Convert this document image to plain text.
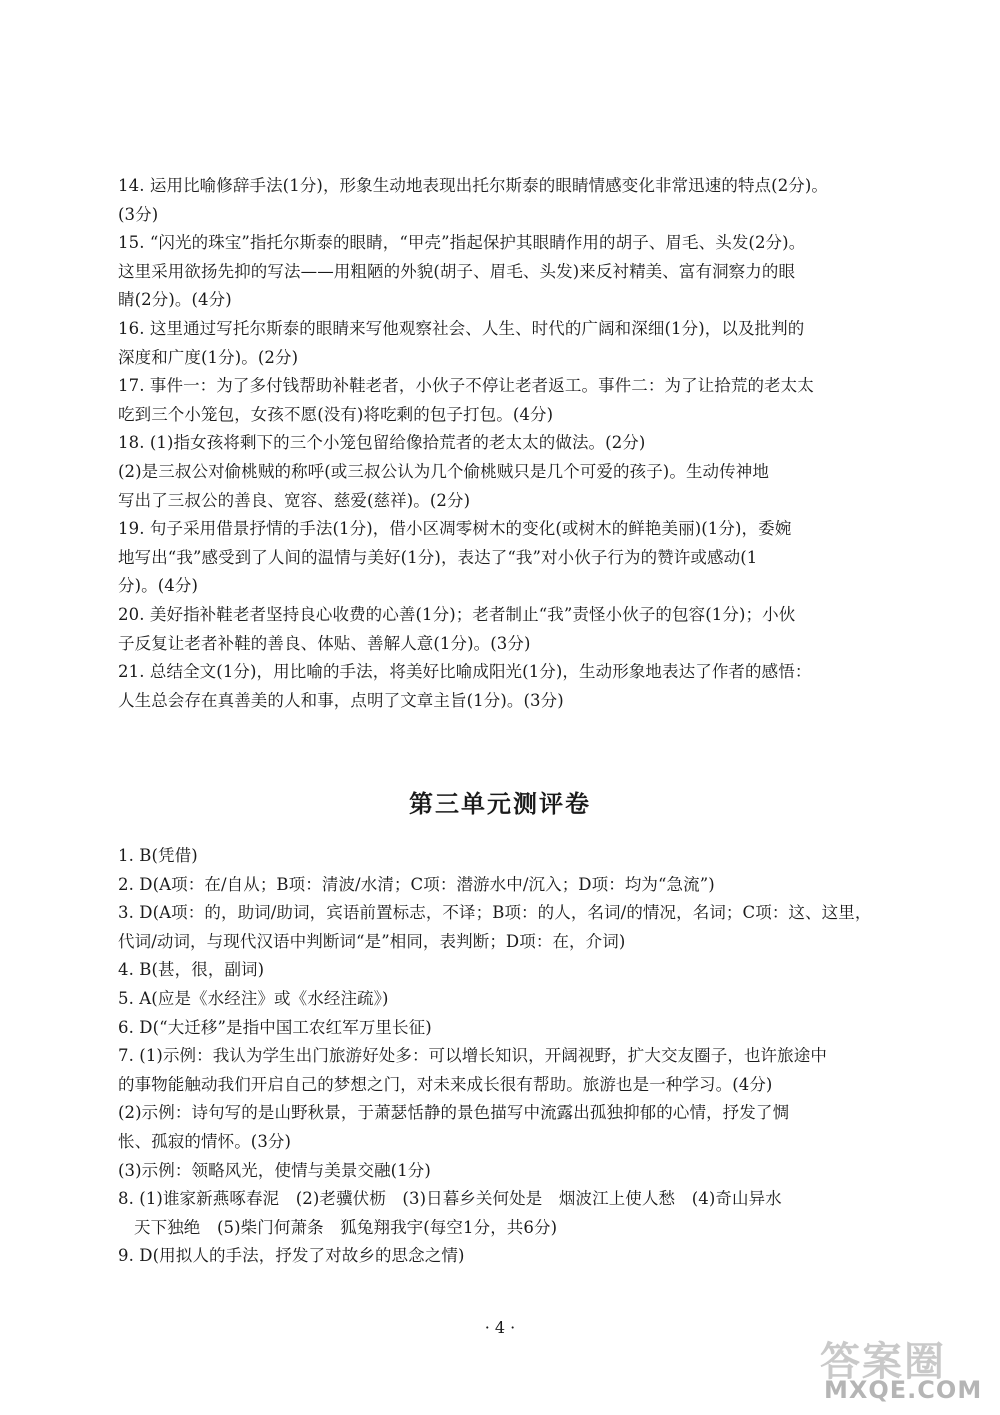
14. 运用比喻修辞手法(1分)，形象生动地表现出托尔斯泰的眼睛情感变化非常迅速的特点(2分)。
(3分)
15. “闪光的珠宝”指托尔斯泰的眼睛，“甲壳”指起保护其眼睛作用的胡子、眉毛、头发(2分)。
这里采用欲扬先抑的写法——用粗陋的外貌(胡子、眉毛、头发)来反衬精美、富有洞察力的眼
睛(2分)。(4分)
16. 这里通过写托尔斯泰的眼睛来写他观察社会、人生、时代的广阔和深细(1分)，以及批判的
深度和广度(1分)。(2分)
17. 事件一：为了多付钱帮助补鞋老者，小伙子不停让老者返工。事件二：为了让拾荒的老太太
吃到三个小笼包，女孩不愿(没有)将吃剩的包子打包。(4分)
18. (1)指女孩将剩下的三个小笼包留给像拾荒者的老太太的做法。(2分)
(2)是三叔公对偷桃贼的称呼(或三叔公认为几个偷桃贼只是几个可爱的孩子)。生动传神地
写出了三叔公的善良、宽容、慈爱(慈祥)。(2分)
19. 句子采用借景抒情的手法(1分)，借小区凋零树木的变化(或树木的鲜艳美丽)(1分)，委婉
地写出“我”感受到了人间的温情与美好(1分)，表达了“我”对小伙子行为的赞许或感动(1
分)。(4分)
20. 美好指补鞋老者坚持良心收费的心善(1分)；老者制止“我”责怪小伙子的包容(1分)；小伙
子反复让老者补鞋的善良、体贴、善解人意(1分)。(3分)
21. 总结全文(1分)，用比喻的手法，将美好比喻成阳光(1分)，生动形象地表达了作者的感悟：
人生总会存在真善美的人和事，点明了文章主旨(1分)。(3分)
第三单元测评卷
1. B(凭借)
2. D(A项：在/自从；B项：清波/水清；C项：潜游水中/沉入；D项：均为“急流”)
3. D(A项：的，助词/助词，宾语前置标志，不译；B项：的人，名词/的情况，名词；C项：这、这里，
代词/动词，与现代汉语中判断词“是”相同，表判断；D项：在，介词)
4. B(甚，很，副词)
5. A(应是《水经注》或《水经注疏》)
6. D(“大迁移”是指中国工农红军万里长征)
7. (1)示例：我认为学生出门旅游好处多：可以增长知识，开阔视野，扩大交友圈子，也许旅途中
的事物能触动我们开启自己的梦想之门，对未来成长很有帮助。旅游也是一种学习。(4分)
(2)示例：诗句写的是山野秋景，于萧瑟恬静的景色描写中流露出孤独抑郁的心情，抒发了惆
怅、孤寂的情怀。(3分)
(3)示例：领略风光，使情与美景交融(1分)
8. (1)谁家新燕啄春泥　(2)老骥伏枥　(3)日暮乡关何处是　烟波江上使人愁　(4)奇山异水
天下独绝　(5)柴门何萧条　狐兔翔我宇(每空1分，共6分)
9. D(用拟人的手法，抒发了对故乡的思念之情)
· 4 ·
答案圈
MXQE.COM
